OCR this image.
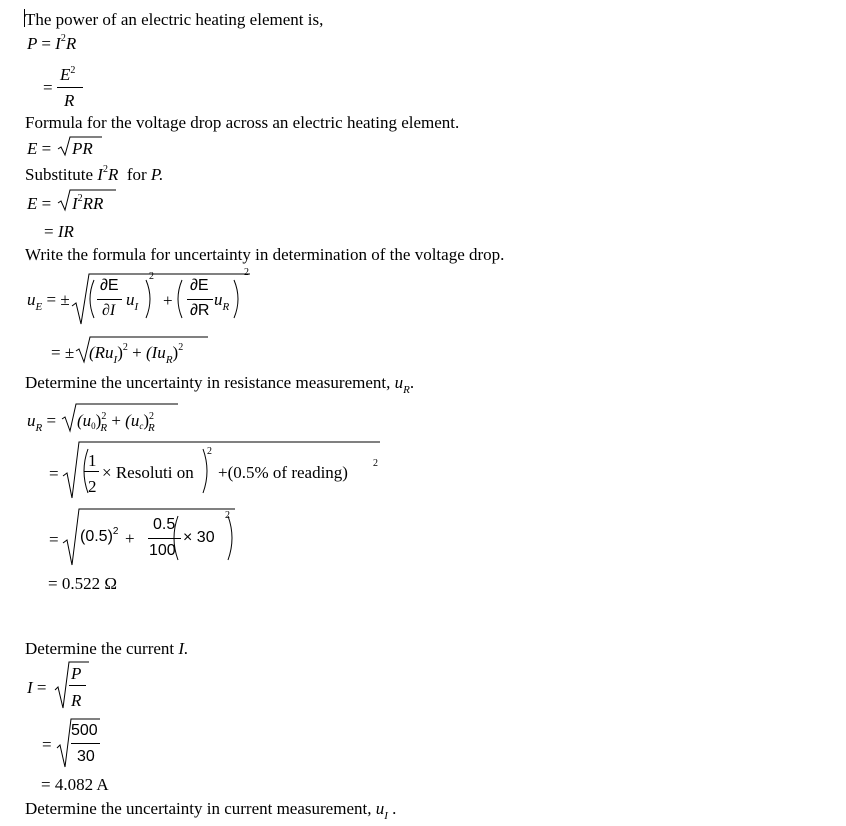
The power of an electric heating element is,
$P = I^2R$
=
$E^2$
R
Formula for the voltage drop across an electric heating element.
E = PR
Substitute $I^2R$ for P.
$E = I^2RR$
= IR
Write the formula for uncertainty in determination of the voltage drop.
$u_E$ = ±
∂E
∂I
$u_I$
2
+
∂E
∂R
$u_R$
2
= ± $(Ru_I)^2 + (Iu_R)^2$
Determine the uncertainty in resistance measurement, $u_R$.
$u_R = (u0)^2_R + (uc)^2_R$
=
1
2
× Resoluti on
2
+(0.5% of reading)	2
= $(0.5)^2$ +
0.5
100
× 30
2
= 0.522 Ω
Determine the current I.
I =
P
R
=
500
30
= 4.082 A
Determine the uncertainty in current measurement, $u_I$ .
